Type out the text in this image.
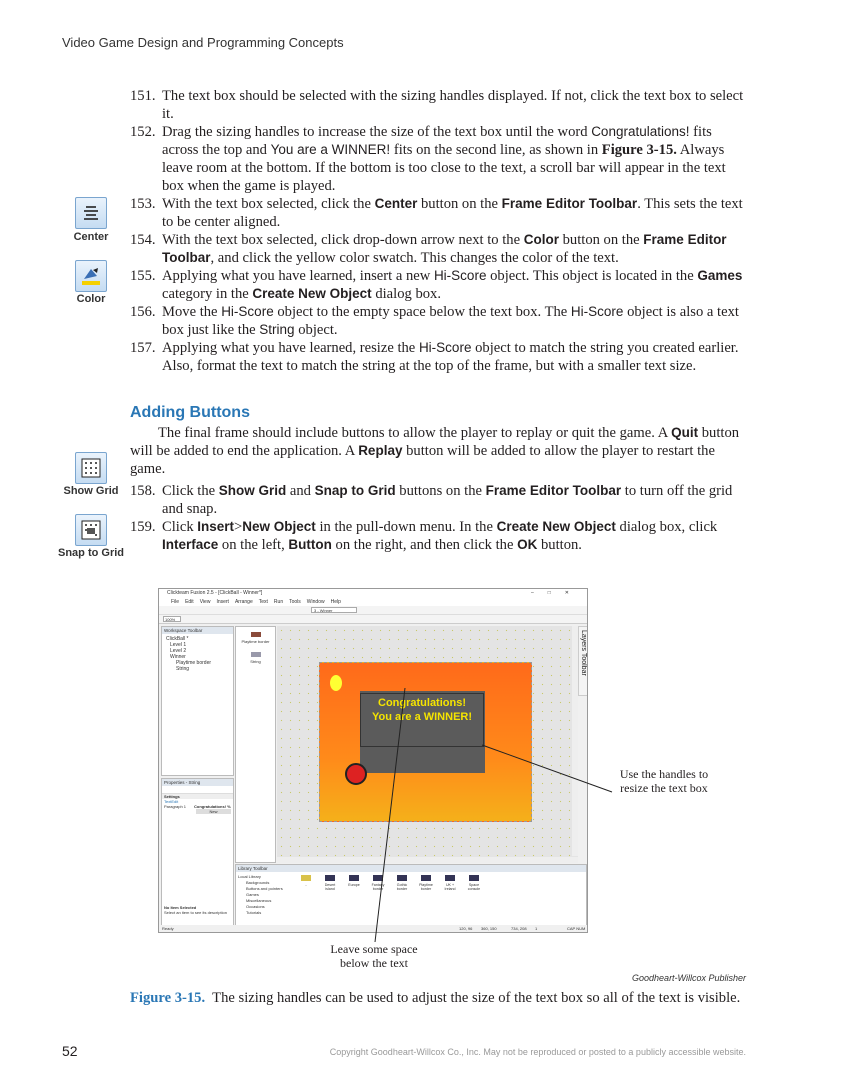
Video Game Design and Programming Concepts
151. The text box should be selected with the sizing handles displayed. If not, click the text box to select it.
152. Drag the sizing handles to increase the size of the text box until the word Congratulations! fits across the top and You are a WINNER! fits on the second line, as shown in Figure 3-15. Always leave room at the bottom. If the bottom is too close to the text, a scroll bar will appear in the text box when the game is played.
153. With the text box selected, click the Center button on the Frame Editor Toolbar. This sets the text to be center aligned.
154. With the text box selected, click drop-down arrow next to the Color button on the Frame Editor Toolbar, and click the yellow color swatch. This changes the color of the text.
155. Applying what you have learned, insert a new Hi-Score object. This object is located in the Games category in the Create New Object dialog box.
156. Move the Hi-Score object to the empty space below the text box. The Hi-Score object is also a text box just like the String object.
157. Applying what you have learned, resize the Hi-Score object to match the string you created earlier. Also, format the text to match the string at the top of the frame, but with a smaller text size.
158. Click the Show Grid and Snap to Grid buttons on the Frame Editor Toolbar to turn off the grid and snap.
159. Click Insert>New Object in the pull-down menu. In the Create New Object dialog box, click Interface on the left, Button on the right, and then click the OK button.
Adding Buttons
The final frame should include buttons to allow the player to replay or quit the game. A Quit button will be added to end the application. A Replay button will be added to allow the player to restart the game.
Center
Color
Show Grid
Snap to Grid
Clickteam Fusion 2.5 - [ClickBall - Winner*]	–□✕
File Edit View Insert Arrange Text Run Tools Window Help
3 - Winner
100%
Workspace Toolbar
ClickBall *
Level 1
Level 2
Winner
Playtime border
String
Playtime border
String
Properties - String
Settings
TextEdit
Paragraph 1	Congratulations! %
New
No Item Selected
Select an item to see its description
Congratulations!
You are a WINNER!
Layers Toolbar
Library Toolbar
Local Library
Backgrounds
Buttons and pointers
Games
Miscellaneous
Occasions
Tutorials
..	Desert island
Europe	Fantasy border
Gothic border
Playtime border
UK + Ireland
Space console
Ready	120, 96 360, 150	734, 208 1	CAP NUM
Use the handles to resize the text box
Leave some space below the text
Goodheart-Willcox Publisher
Figure 3-15. The sizing handles can be used to adjust the size of the text box so all of the text is visible.
52	Copyright Goodheart-Willcox Co., Inc. May not be reproduced or posted to a publicly accessible website.
